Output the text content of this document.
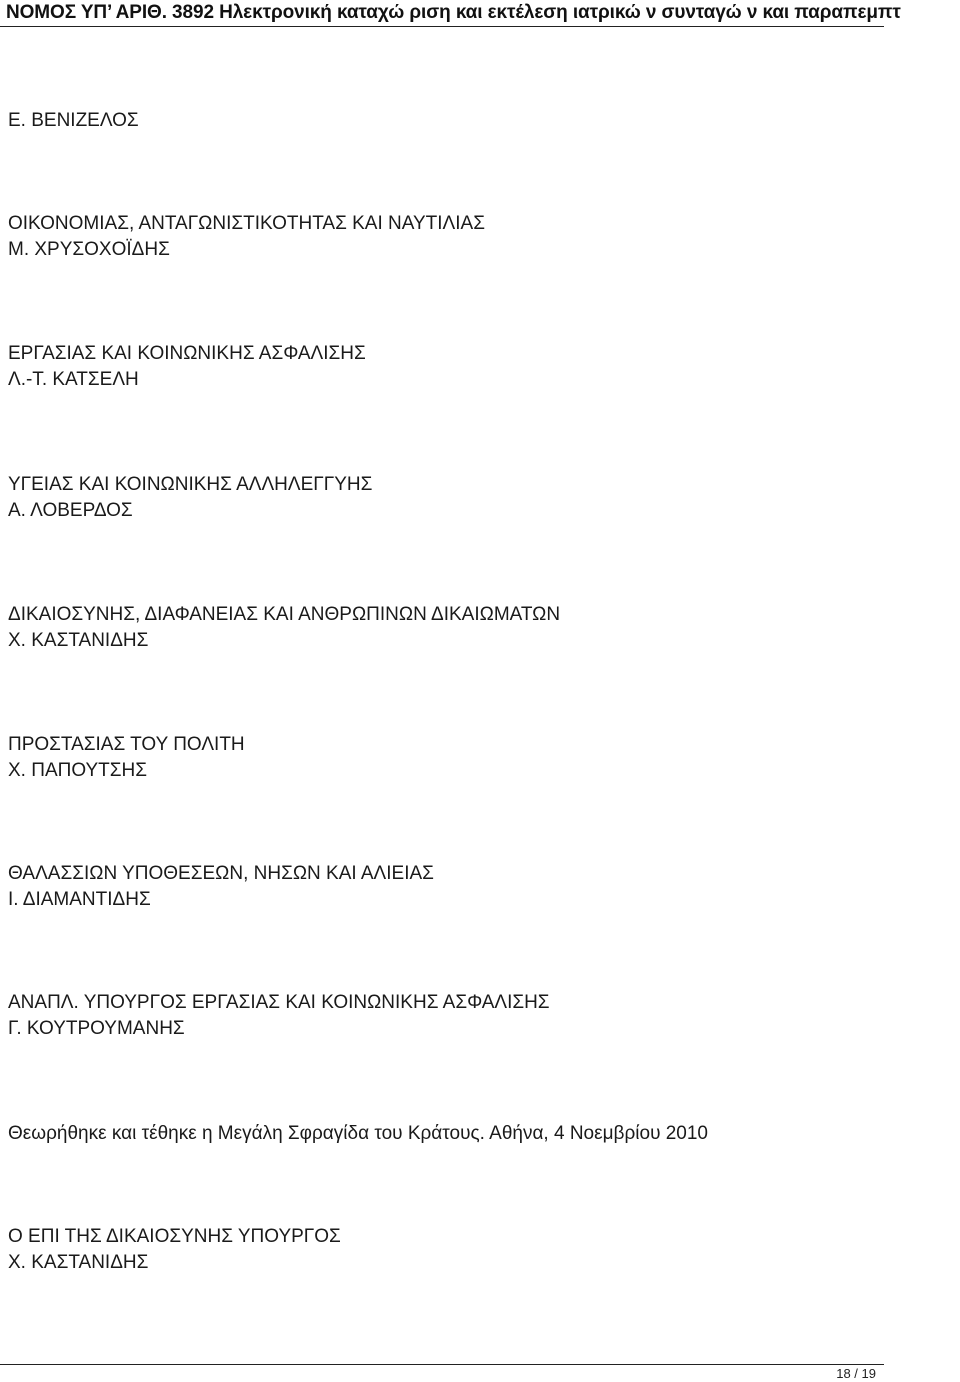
ΝΟΜΟΣ ΥΠ’ ΑΡΙΘ. 3892 Ηλεκτρονική καταχώ ριση και εκτέλεση ιατρικώ ν συνταγώ ν και παραπεμπτ
Ε. ΒΕΝΙΖΕΛΟΣ
ΟΙΚΟΝΟΜΙΑΣ, ΑΝΤΑΓΩΝΙΣΤΙΚΟΤΗΤΑΣ ΚΑΙ ΝΑΥΤΙΛΙΑΣ
Μ. ΧΡΥΣΟΧΟΪΔΗΣ
ΕΡΓΑΣΙΑΣ ΚΑΙ ΚΟΙΝΩΝΙΚΗΣ ΑΣΦΑΛΙΣΗΣ
Λ.-Τ. ΚΑΤΣΕΛΗ
ΥΓΕΙΑΣ ΚΑΙ ΚΟΙΝΩΝΙΚΗΣ ΑΛΛΗΛΕΓΓΥΗΣ
Α. ΛΟΒΕΡΔΟΣ
ΔΙΚΑΙΟΣΥΝΗΣ, ΔΙΑΦΑΝΕΙΑΣ ΚΑΙ ΑΝΘΡΩΠΙΝΩΝ ΔΙΚΑΙΩΜΑΤΩΝ
Χ. ΚΑΣΤΑΝΙΔΗΣ
ΠΡΟΣΤΑΣΙΑΣ ΤΟΥ ΠΟΛΙΤΗ
Χ. ΠΑΠΟΥΤΣΗΣ
ΘΑΛΑΣΣΙΩΝ ΥΠΟΘΕΣΕΩΝ, ΝΗΣΩΝ ΚΑΙ ΑΛΙΕΙΑΣ
Ι. ΔΙΑΜΑΝΤΙΔΗΣ
ΑΝΑΠΛ. ΥΠΟΥΡΓΟΣ ΕΡΓΑΣΙΑΣ ΚΑΙ ΚΟΙΝΩΝΙΚΗΣ ΑΣΦΑΛΙΣΗΣ
Γ. ΚΟΥΤΡΟΥΜΑΝΗΣ
Θεωρήθηκε και τέθηκε η Μεγάλη Σφραγίδα του Κράτους. Αθήνα, 4 Νοεμβρίου 2010
Ο ΕΠΙ ΤΗΣ ΔΙΚΑΙΟΣΥΝΗΣ ΥΠΟΥΡΓΟΣ
Χ. ΚΑΣΤΑΝΙΔΗΣ
18 / 19
